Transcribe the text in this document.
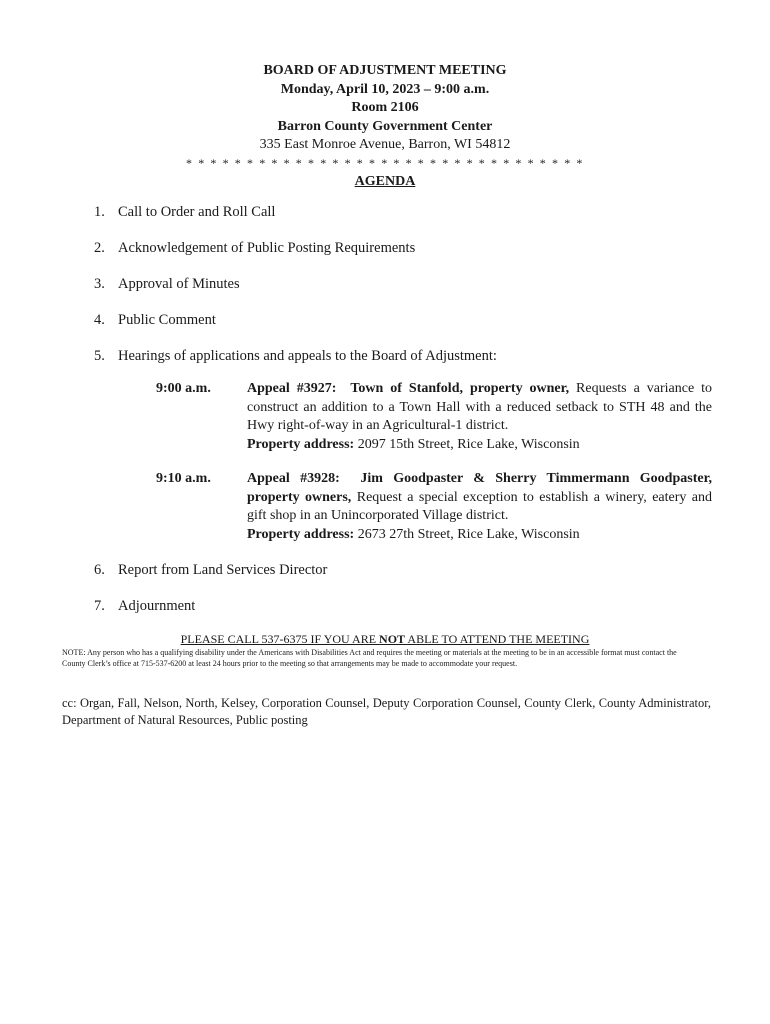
BOARD OF ADJUSTMENT MEETING
Monday, April 10, 2023 – 9:00 a.m.
Room 2106
Barron County Government Center
335 East Monroe Avenue, Barron, WI 54812
* * * * * * * * * * * * * * * * * * * * * * * * * * * * * * * * *
AGENDA
1. Call to Order and Roll Call
2. Acknowledgement of Public Posting Requirements
3. Approval of Minutes
4. Public Comment
5. Hearings of applications and appeals to the Board of Adjustment:
9:00 a.m.	Appeal #3927: Town of Stanfold, property owner, Requests a variance to construct an addition to a Town Hall with a reduced setback to STH 48 and the Hwy right-of-way in an Agricultural-1 district.
Property address: 2097 15th Street, Rice Lake, Wisconsin
9:10 a.m.	Appeal #3928: Jim Goodpaster & Sherry Timmermann Goodpaster, property owners, Request a special exception to establish a winery, eatery and gift shop in an Unincorporated Village district.
Property address: 2673 27th Street, Rice Lake, Wisconsin
6. Report from Land Services Director
7. Adjournment
PLEASE CALL 537-6375 IF YOU ARE NOT ABLE TO ATTEND THE MEETING
NOTE: Any person who has a qualifying disability under the Americans with Disabilities Act and requires the meeting or materials at the meeting to be in an accessible format must contact the County Clerk’s office at 715-537-6200 at least 24 hours prior to the meeting so that arrangements may be made to accommodate your request.
cc: Organ, Fall, Nelson, North, Kelsey, Corporation Counsel, Deputy Corporation Counsel, County Clerk, County Administrator, Department of Natural Resources, Public posting
